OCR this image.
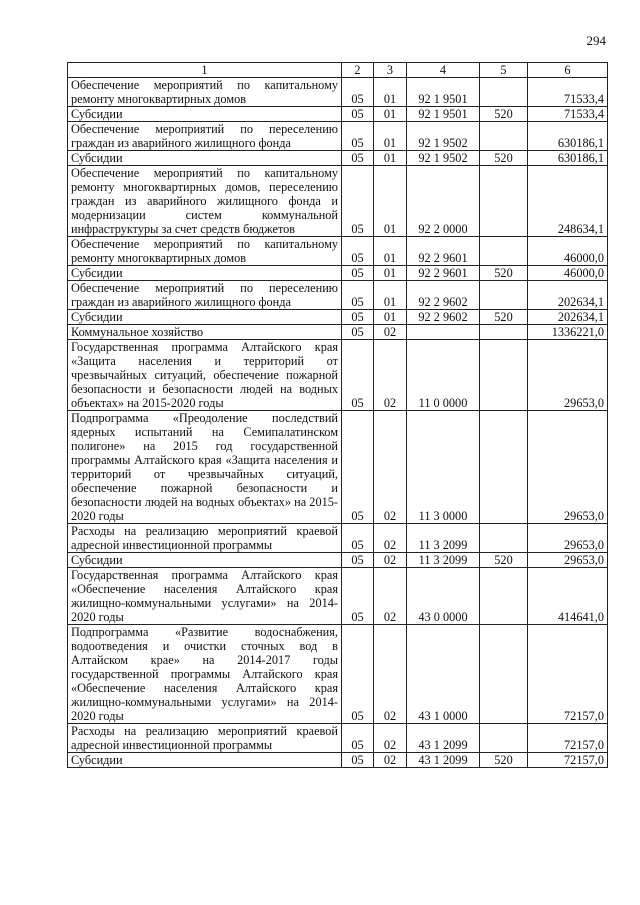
294
1	2	3	4	5	6
Обеспечение мероприятий по капитальному ремонту многоквартирных домов	05	01	92 1 9501		71533,4
Субсидии	05	01	92 1 9501	520	71533,4
Обеспечение мероприятий по переселению граждан из аварийного жилищного фонда	05	01	92 1 9502		630186,1
Субсидии	05	01	92 1 9502	520	630186,1
Обеспечение мероприятий по капитальному ремонту многоквартирных домов, переселению граждан из аварийного жилищного фонда и модернизации систем коммунальной инфраструктуры за счет средств бюджетов	05	01	92 2 0000		248634,1
Обеспечение мероприятий по капитальному ремонту многоквартирных домов	05	01	92 2 9601		46000,0
Субсидии	05	01	92 2 9601	520	46000,0
Обеспечение мероприятий по переселению граждан из аварийного жилищного фонда	05	01	92 2 9602		202634,1
Субсидии	05	01	92 2 9602	520	202634,1
Коммунальное хозяйство	05	02			1336221,0
Государственная программа Алтайского края «Защита населения и территорий от чрезвычайных ситуаций, обеспечение пожарной безопасности и безопасности людей на водных объектах» на 2015-2020 годы	05	02	11 0 0000		29653,0
Подпрограмма «Преодоление последствий ядерных испытаний на Семипалатинском полигоне» на 2015 год государственной программы Алтайского края «Защита населения и территорий от чрезвычайных ситуаций, обеспечение пожарной безопасности и безопасности людей на водных объектах» на 2015-2020 годы	05	02	11 3 0000		29653,0
Расходы на реализацию мероприятий краевой адресной инвестиционной программы	05	02	11 3 2099		29653,0
Субсидии	05	02	11 3 2099	520	29653,0
Государственная программа Алтайского края «Обеспечение населения Алтайского края жилищно-коммунальными услугами» на 2014-2020 годы	05	02	43 0 0000		414641,0
Подпрограмма «Развитие водоснабжения, водоотведения и очистки сточных вод в Алтайском крае» на 2014-2017 годы государственной программы Алтайского края «Обеспечение населения Алтайского края жилищно-коммунальными услугами» на 2014-2020 годы	05	02	43 1 0000		72157,0
Расходы на реализацию мероприятий краевой адресной инвестиционной программы	05	02	43 1 2099		72157,0
Субсидии	05	02	43 1 2099	520	72157,0
